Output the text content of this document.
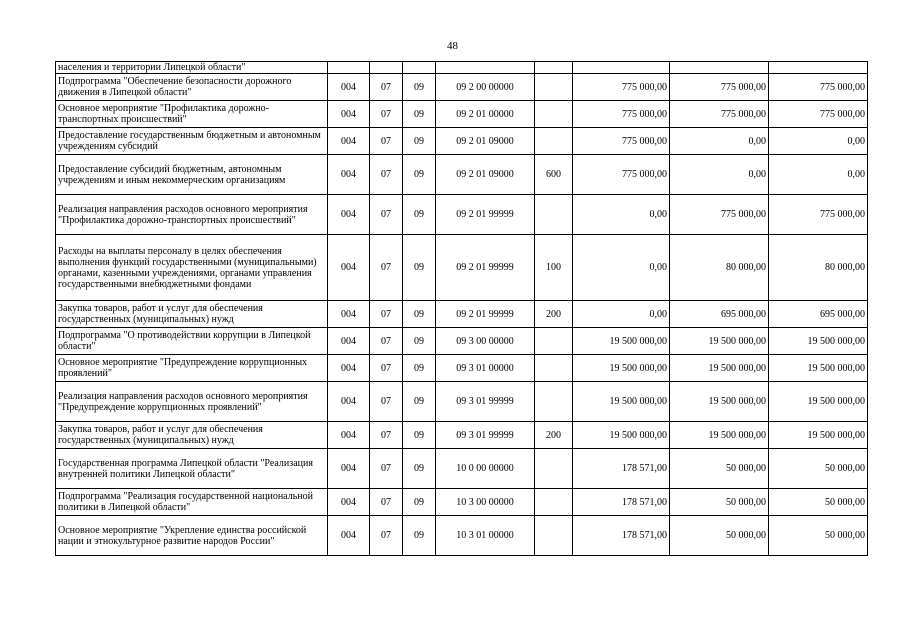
48
населения и территории Липецкой области"								
Подпрограмма "Обеспечение безопасности дорожного движения в Липецкой области"	004	07	09	09 2 00 00000		775 000,00	775 000,00	775 000,00
Основное мероприятие "Профилактика дорожно-транспортных происшествий"	004	07	09	09 2 01 00000		775 000,00	775 000,00	775 000,00
Предоставление государственным бюджетным и автономным учреждениям субсидий	004	07	09	09 2 01 09000		775 000,00	0,00	0,00
Предоставление субсидий бюджетным, автономным учреждениям и иным некоммерческим организациям	004	07	09	09 2 01 09000	600	775 000,00	0,00	0,00
Реализация направления расходов основного мероприятия "Профилактика дорожно-транспортных происшествий"	004	07	09	09 2 01 99999		0,00	775 000,00	775 000,00
Расходы на выплаты персоналу в целях обеспечения выполнения функций государственными (муниципальными) органами, казенными учреждениями, органами управления государственными внебюджетными фондами	004	07	09	09 2 01 99999	100	0,00	80 000,00	80 000,00
Закупка товаров, работ и услуг для обеспечения государственных (муниципальных) нужд	004	07	09	09 2 01 99999	200	0,00	695 000,00	695 000,00
Подпрограмма "О противодействии коррупции в Липецкой области"	004	07	09	09 3 00 00000		19 500 000,00	19 500 000,00	19 500 000,00
Основное мероприятие "Предупреждение коррупционных проявлений"	004	07	09	09 3 01 00000		19 500 000,00	19 500 000,00	19 500 000,00
Реализация направления расходов основного мероприятия "Предупреждение коррупционных проявлений"	004	07	09	09 3 01 99999		19 500 000,00	19 500 000,00	19 500 000,00
Закупка товаров, работ и услуг для обеспечения государственных (муниципальных) нужд	004	07	09	09 3 01 99999	200	19 500 000,00	19 500 000,00	19 500 000,00
Государственная программа Липецкой области "Реализация внутренней политики Липецкой области"	004	07	09	10 0 00 00000		178 571,00	50 000,00	50 000,00
Подпрограмма "Реализация государственной национальной политики в Липецкой области"	004	07	09	10 3 00 00000		178 571,00	50 000,00	50 000,00
Основное мероприятие "Укрепление единства российской нации и этнокультурное развитие народов России"	004	07	09	10 3 01 00000		178 571,00	50 000,00	50 000,00
